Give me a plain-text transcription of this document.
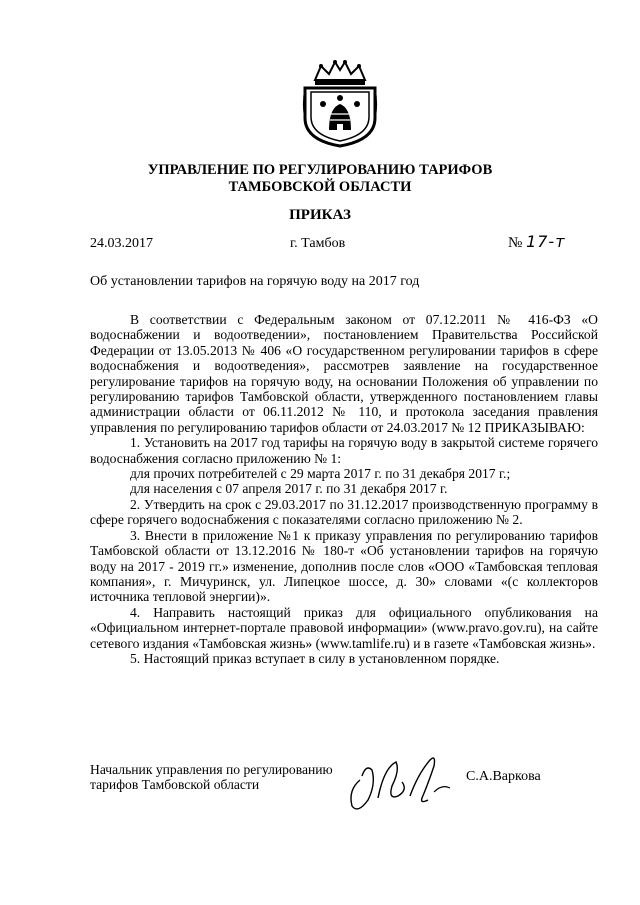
УПРАВЛЕНИЕ ПО РЕГУЛИРОВАНИЮ ТАРИФОВ
ТАМБОВСКОЙ ОБЛАСТИ
ПРИКАЗ
24.03.2017	г. Тамбов	№ 17-т
Об установлении тарифов на горячую воду на 2017 год

В соответствии с Федеральным законом от 07.12.2011 № 416-ФЗ «О водоснабжении и водоотведении», постановлением Правительства Российской Федерации от 13.05.2013 № 406 «О государственном регулировании тарифов в сфере водоснабжения и водоотведения», рассмотрев заявление на государственное регулирование тарифов на горячую воду, на основании Положения об управлении по регулированию тарифов Тамбовской области, утвержденного постановлением главы администрации области от 06.11.2012 № 110, и протокола заседания правления управления по регулированию тарифов области от 24.03.2017 № 12 ПРИКАЗЫВАЮ:

1. Установить на 2017 год тарифы на горячую воду в закрытой системе горячего водоснабжения согласно приложению № 1:

для прочих потребителей с 29 марта 2017 г. по 31 декабря 2017 г.;

для населения с 07 апреля 2017 г. по 31 декабря 2017 г.

2. Утвердить на срок с 29.03.2017 по 31.12.2017 производственную программу в сфере горячего водоснабжения с показателями согласно приложению № 2.

3. Внести в приложение №1 к приказу управления по регулированию тарифов Тамбовской области от 13.12.2016 № 180-т «Об установлении тарифов на горячую воду на 2017 - 2019 гг.» изменение, дополнив после слов «ООО «Тамбовская тепловая компания», г. Мичуринск, ул. Липецкое шоссе, д. 30» словами «(с коллекторов источника тепловой энергии)».

4. Направить настоящий приказ для официального опубликования на «Официальном интернет-портале правовой информации» (www.pravo.gov.ru), на сайте сетевого издания «Тамбовская жизнь» (www.tamlife.ru) и в газете «Тамбовская жизнь».

5. Настоящий приказ вступает в силу в установленном порядке.

Начальник управления по регулированию
тарифов Тамбовской области
С.А.Варкова
